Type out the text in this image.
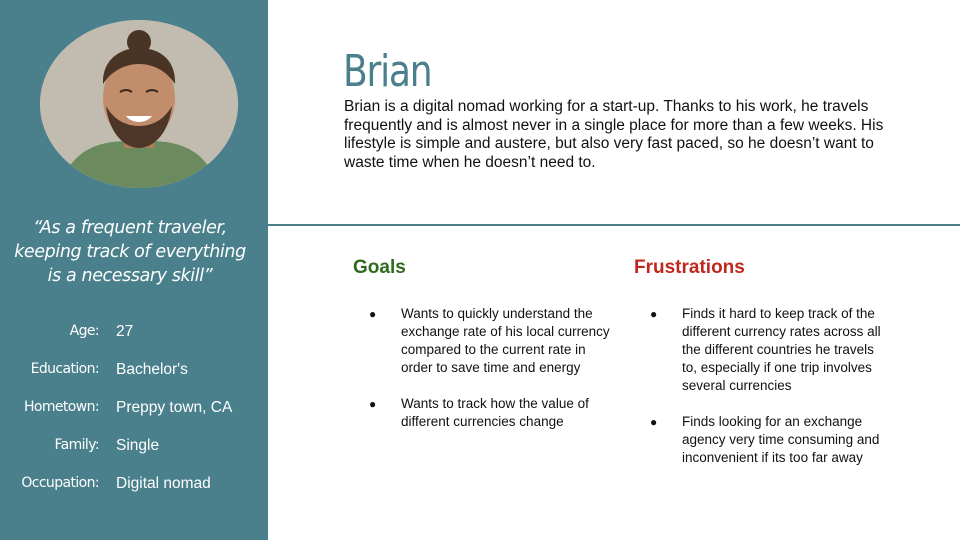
“As a frequent traveler, keeping track of everything is a necessary skill”
Age: 27
Education: Bachelor's
Hometown: Preppy town, CA
Family: Single
Occupation: Digital nomad
Brian
Brian is a digital nomad working for a start-up. Thanks to his work, he travels frequently and is almost never in a single place for more than a few weeks. His lifestyle is simple and austere, but also very fast paced, so he doesn’t want to waste time when he doesn’t need to.
Goals
● Wants to quickly understand the exchange rate of his local currency compared to the current rate in order to save time and energy
● Wants to track how the value of different currencies change
Frustrations
● Finds it hard to keep track of the different currency rates across all the different countries he travels to, especially if one trip involves several currencies
● Finds looking for an exchange agency very time consuming and inconvenient if its too far away
